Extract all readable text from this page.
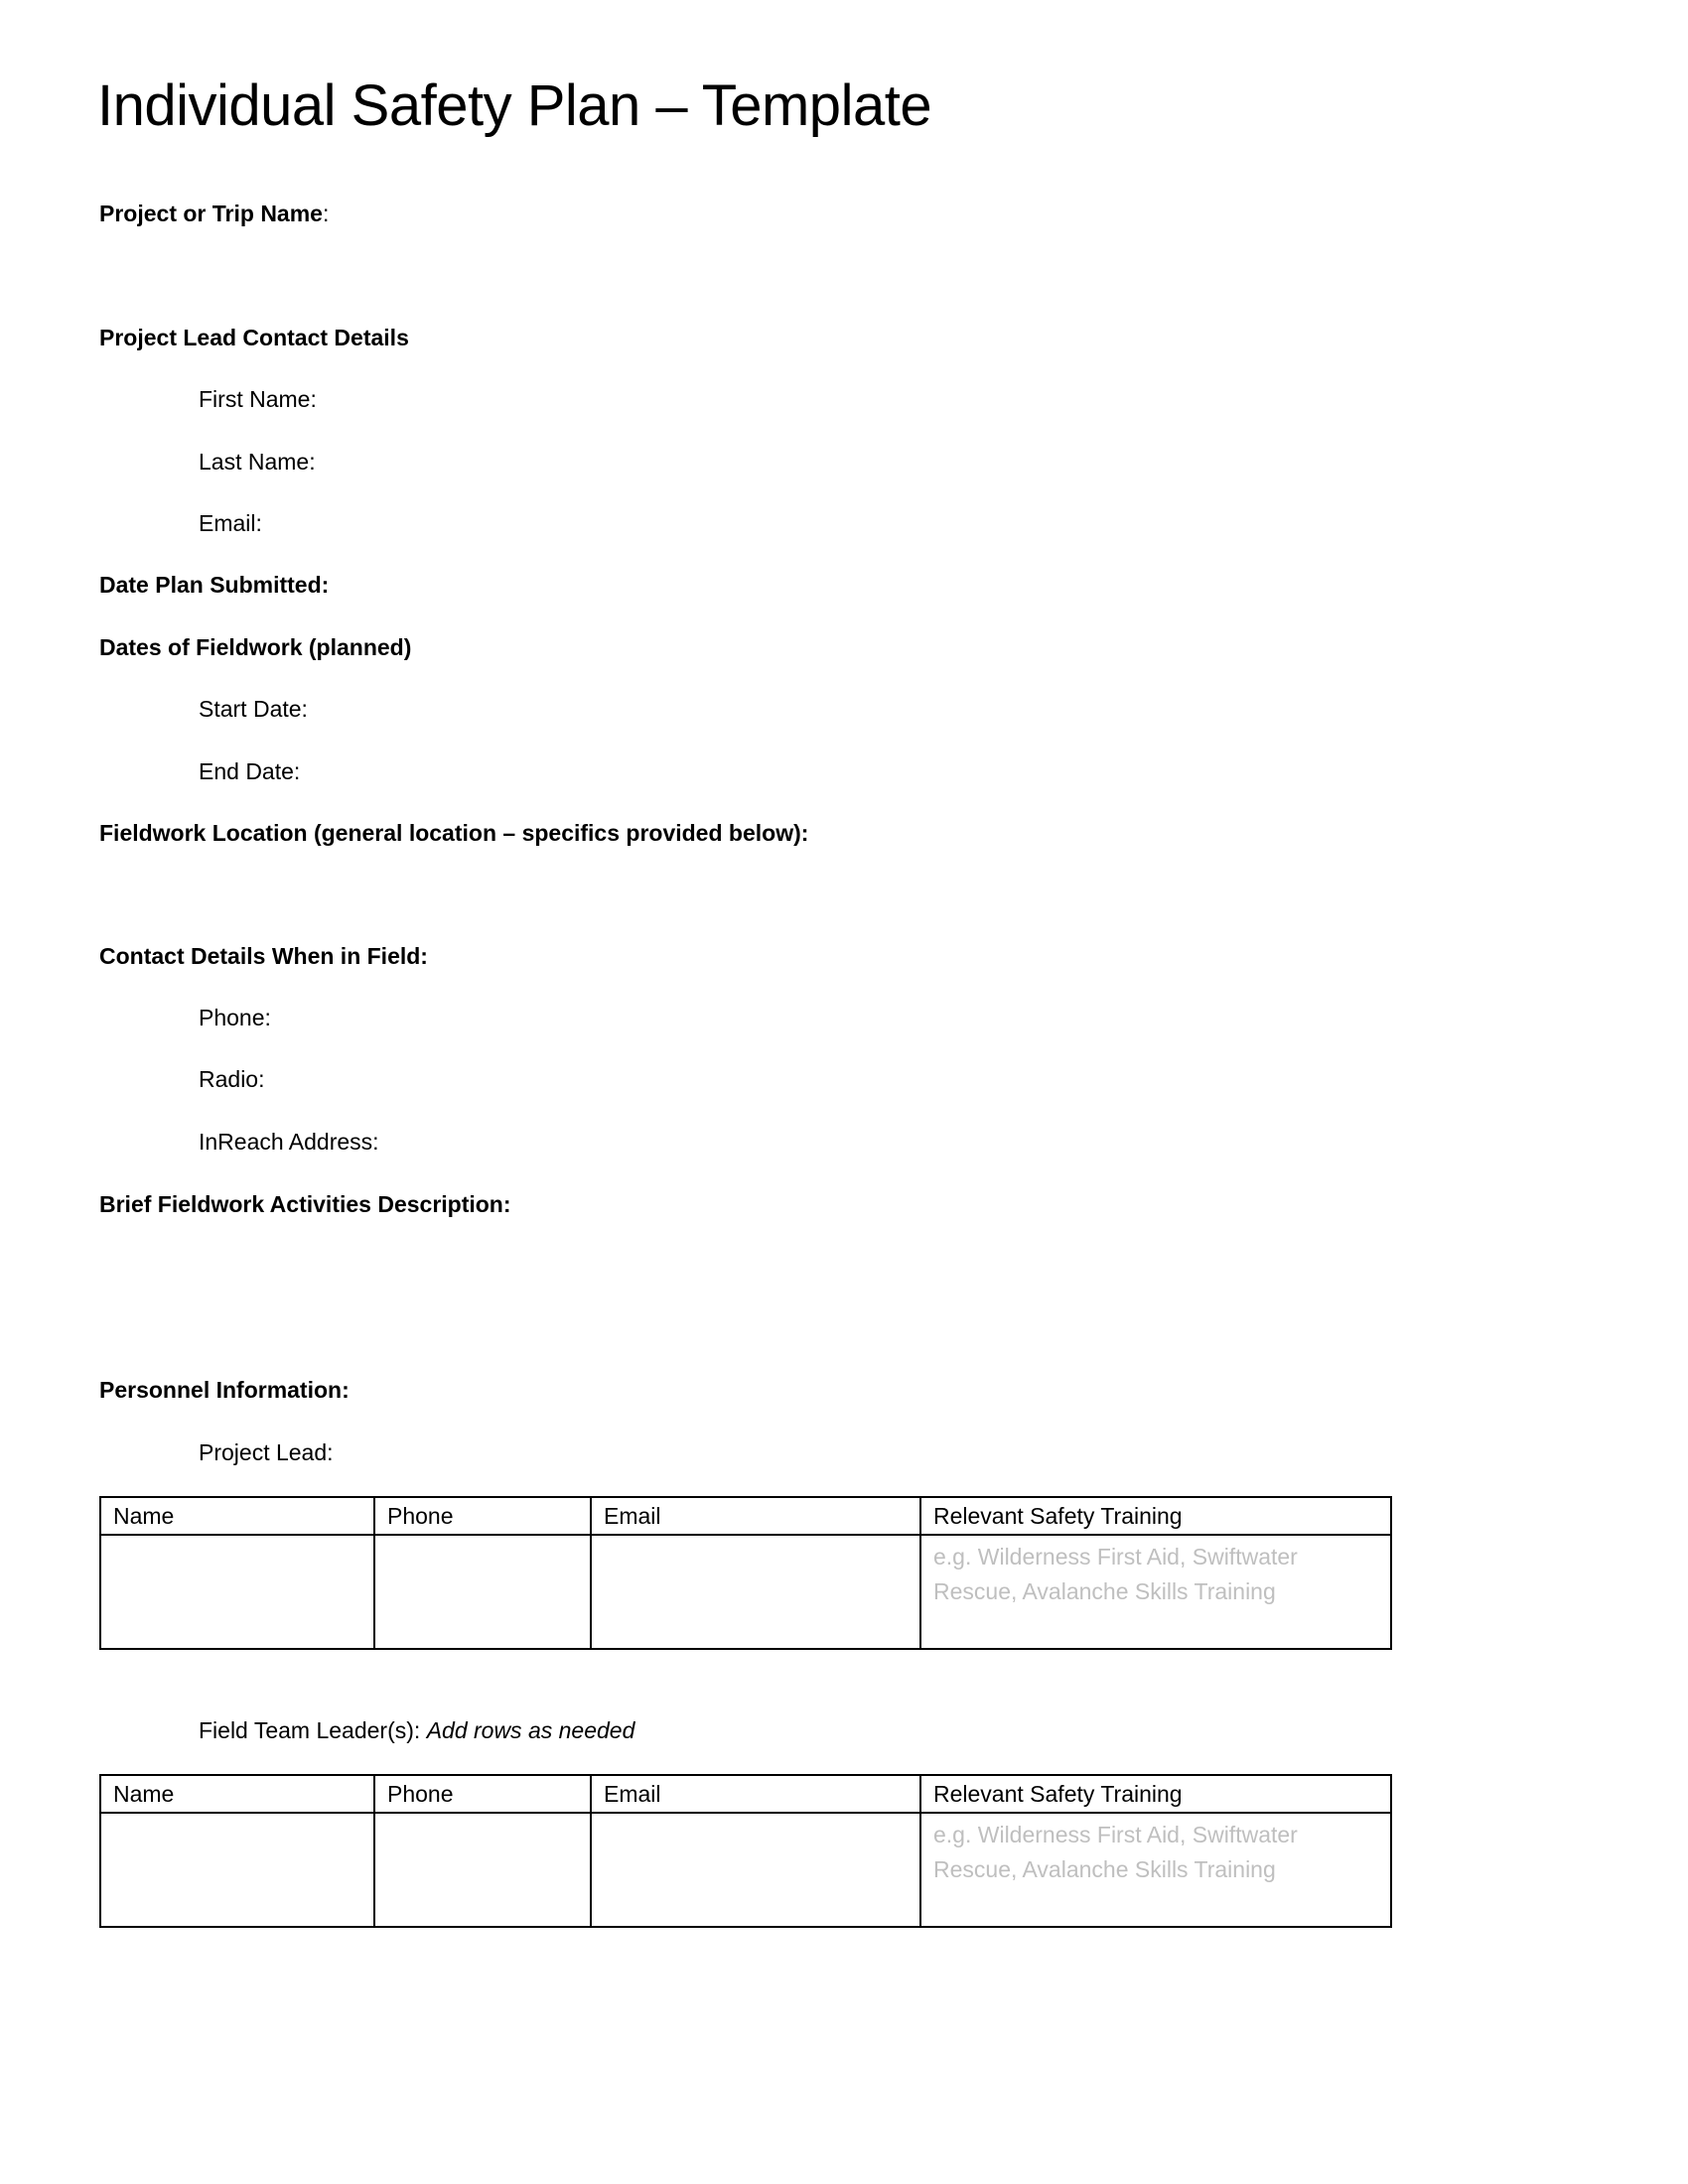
Individual Safety Plan – Template
Project or Trip Name:
Project Lead Contact Details
First Name:
Last Name:
Email:
Date Plan Submitted:
Dates of Fieldwork (planned)
Start Date:
End Date:
Fieldwork Location (general location – specifics provided below):
Contact Details When in Field:
Phone:
Radio:
InReach Address:
Brief Fieldwork Activities Description:
Personnel Information:
Project Lead:
Name	Phone	Email	Relevant Safety Training
			e.g. Wilderness First Aid, Swiftwater Rescue, Avalanche Skills Training
Field Team Leader(s): Add rows as needed
Name	Phone	Email	Relevant Safety Training
			e.g. Wilderness First Aid, Swiftwater Rescue, Avalanche Skills Training
